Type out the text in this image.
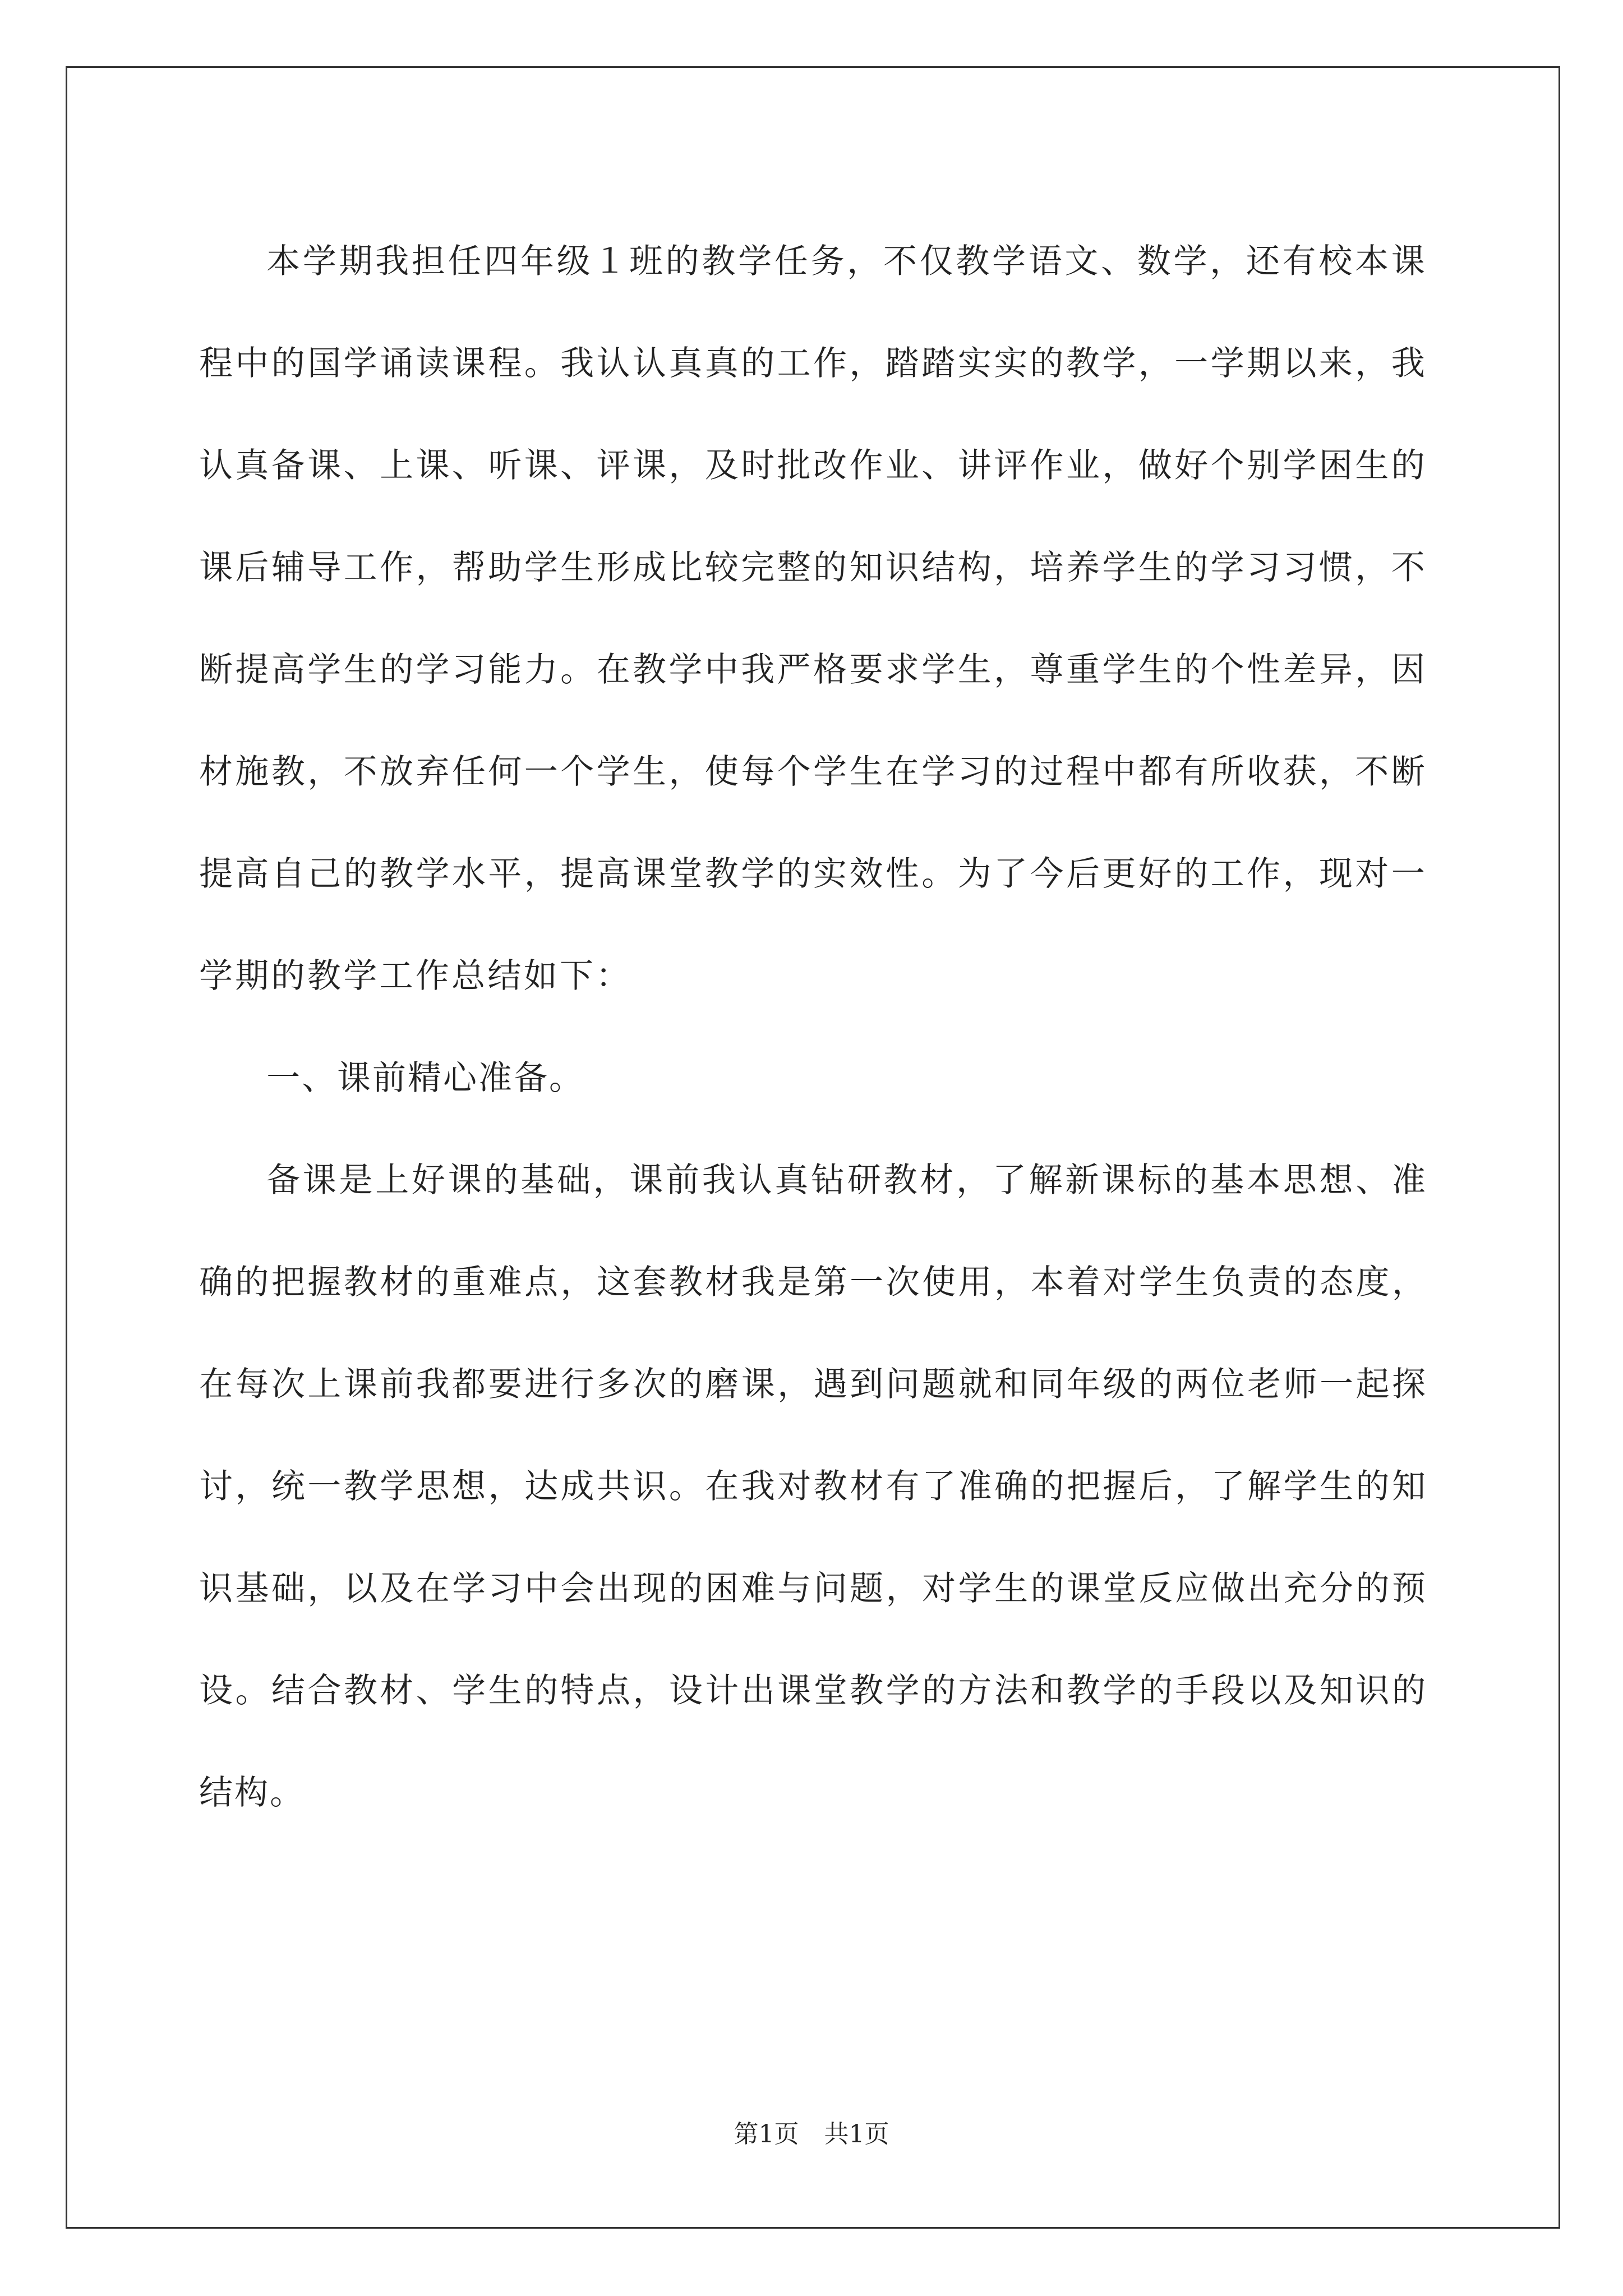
本学期我担任四年级１班的教学任务，不仅教学语文、数学，还有校本课程中的国学诵读课程。我认认真真的工作，踏踏实实的教学，一学期以来，我认真备课、上课、听课、评课，及时批改作业、讲评作业，做好个别学困生的课后辅导工作，帮助学生形成比较完整的知识结构，培养学生的学习习惯，不断提高学生的学习能力。在教学中我严格要求学生，尊重学生的个性差异，因材施教，不放弃任何一个学生，使每个学生在学习的过程中都有所收获，不断提高自己的教学水平，提高课堂教学的实效性。为了今后更好的工作，现对一学期的教学工作总结如下：

一、课前精心准备。

备课是上好课的基础，课前我认真钻研教材，了解新课标的基本思想、准确的把握教材的重难点，这套教材我是第一次使用，本着对学生负责的态度，在每次上课前我都要进行多次的磨课，遇到问题就和同年级的两位老师一起探讨，统一教学思想，达成共识。在我对教材有了准确的把握后，了解学生的知识基础，以及在学习中会出现的困难与问题，对学生的课堂反应做出充分的预设。结合教材、学生的特点，设计出课堂教学的方法和教学的手段以及知识的结构。

第1页 共1页
